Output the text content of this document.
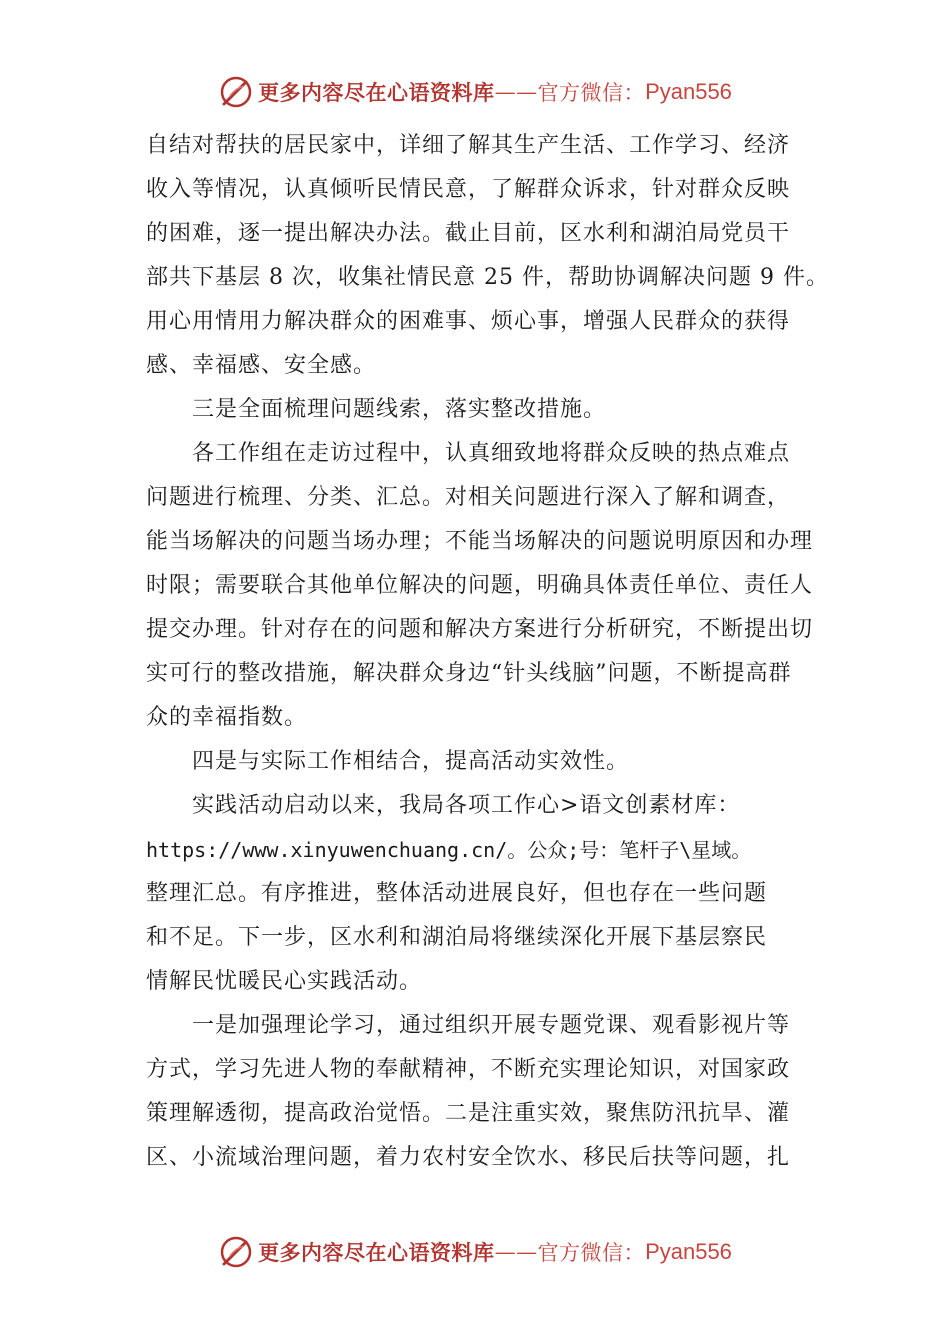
更多内容尽在心语资料库 —— 官方微信： Pyan556
自结对帮扶的居民家中，详细了解其生产生活、工作学习、经济
收入等情况，认真倾听民情民意，了解群众诉求，针对群众反映
的困难，逐一提出解决办法。截止目前，区水利和湖泊局党员干
部共下基层 8 次，收集社情民意 25 件，帮助协调解决问题 9 件。
用心用情用力解决群众的困难事、烦心事，增强人民群众的获得
感、幸福感、安全感。
三是全面梳理问题线索，落实整改措施。
各工作组在走访过程中，认真细致地将群众反映的热点难点
问题进行梳理、分类、汇总。对相关问题进行深入了解和调查，
能当场解决的问题当场办理；不能当场解决的问题说明原因和办理
时限；需要联合其他单位解决的问题，明确具体责任单位、责任人
提交办理。针对存在的问题和解决方案进行分析研究，不断提出切
实可行的整改措施，解决群众身边“针头线脑”问题，不断提高群
众的幸福指数。
四是与实际工作相结合，提高活动实效性。
实践活动启动以来，我局各项工作心>语文创素材库：
https://www.xinyuwenchuang.cn/。公众;号：笔杆子\星域。
整理汇总。有序推进，整体活动进展良好，但也存在一些问题
和不足。下一步，区水利和湖泊局将继续深化开展下基层察民
情解民忧暖民心实践活动。
一是加强理论学习，通过组织开展专题党课、观看影视片等
方式，学习先进人物的奉献精神，不断充实理论知识，对国家政
策理解透彻，提高政治觉悟。二是注重实效，聚焦防汛抗旱、灌
区、小流域治理问题，着力农村安全饮水、移民后扶等问题，扎
更多内容尽在心语资料库 —— 官方微信： Pyan556
